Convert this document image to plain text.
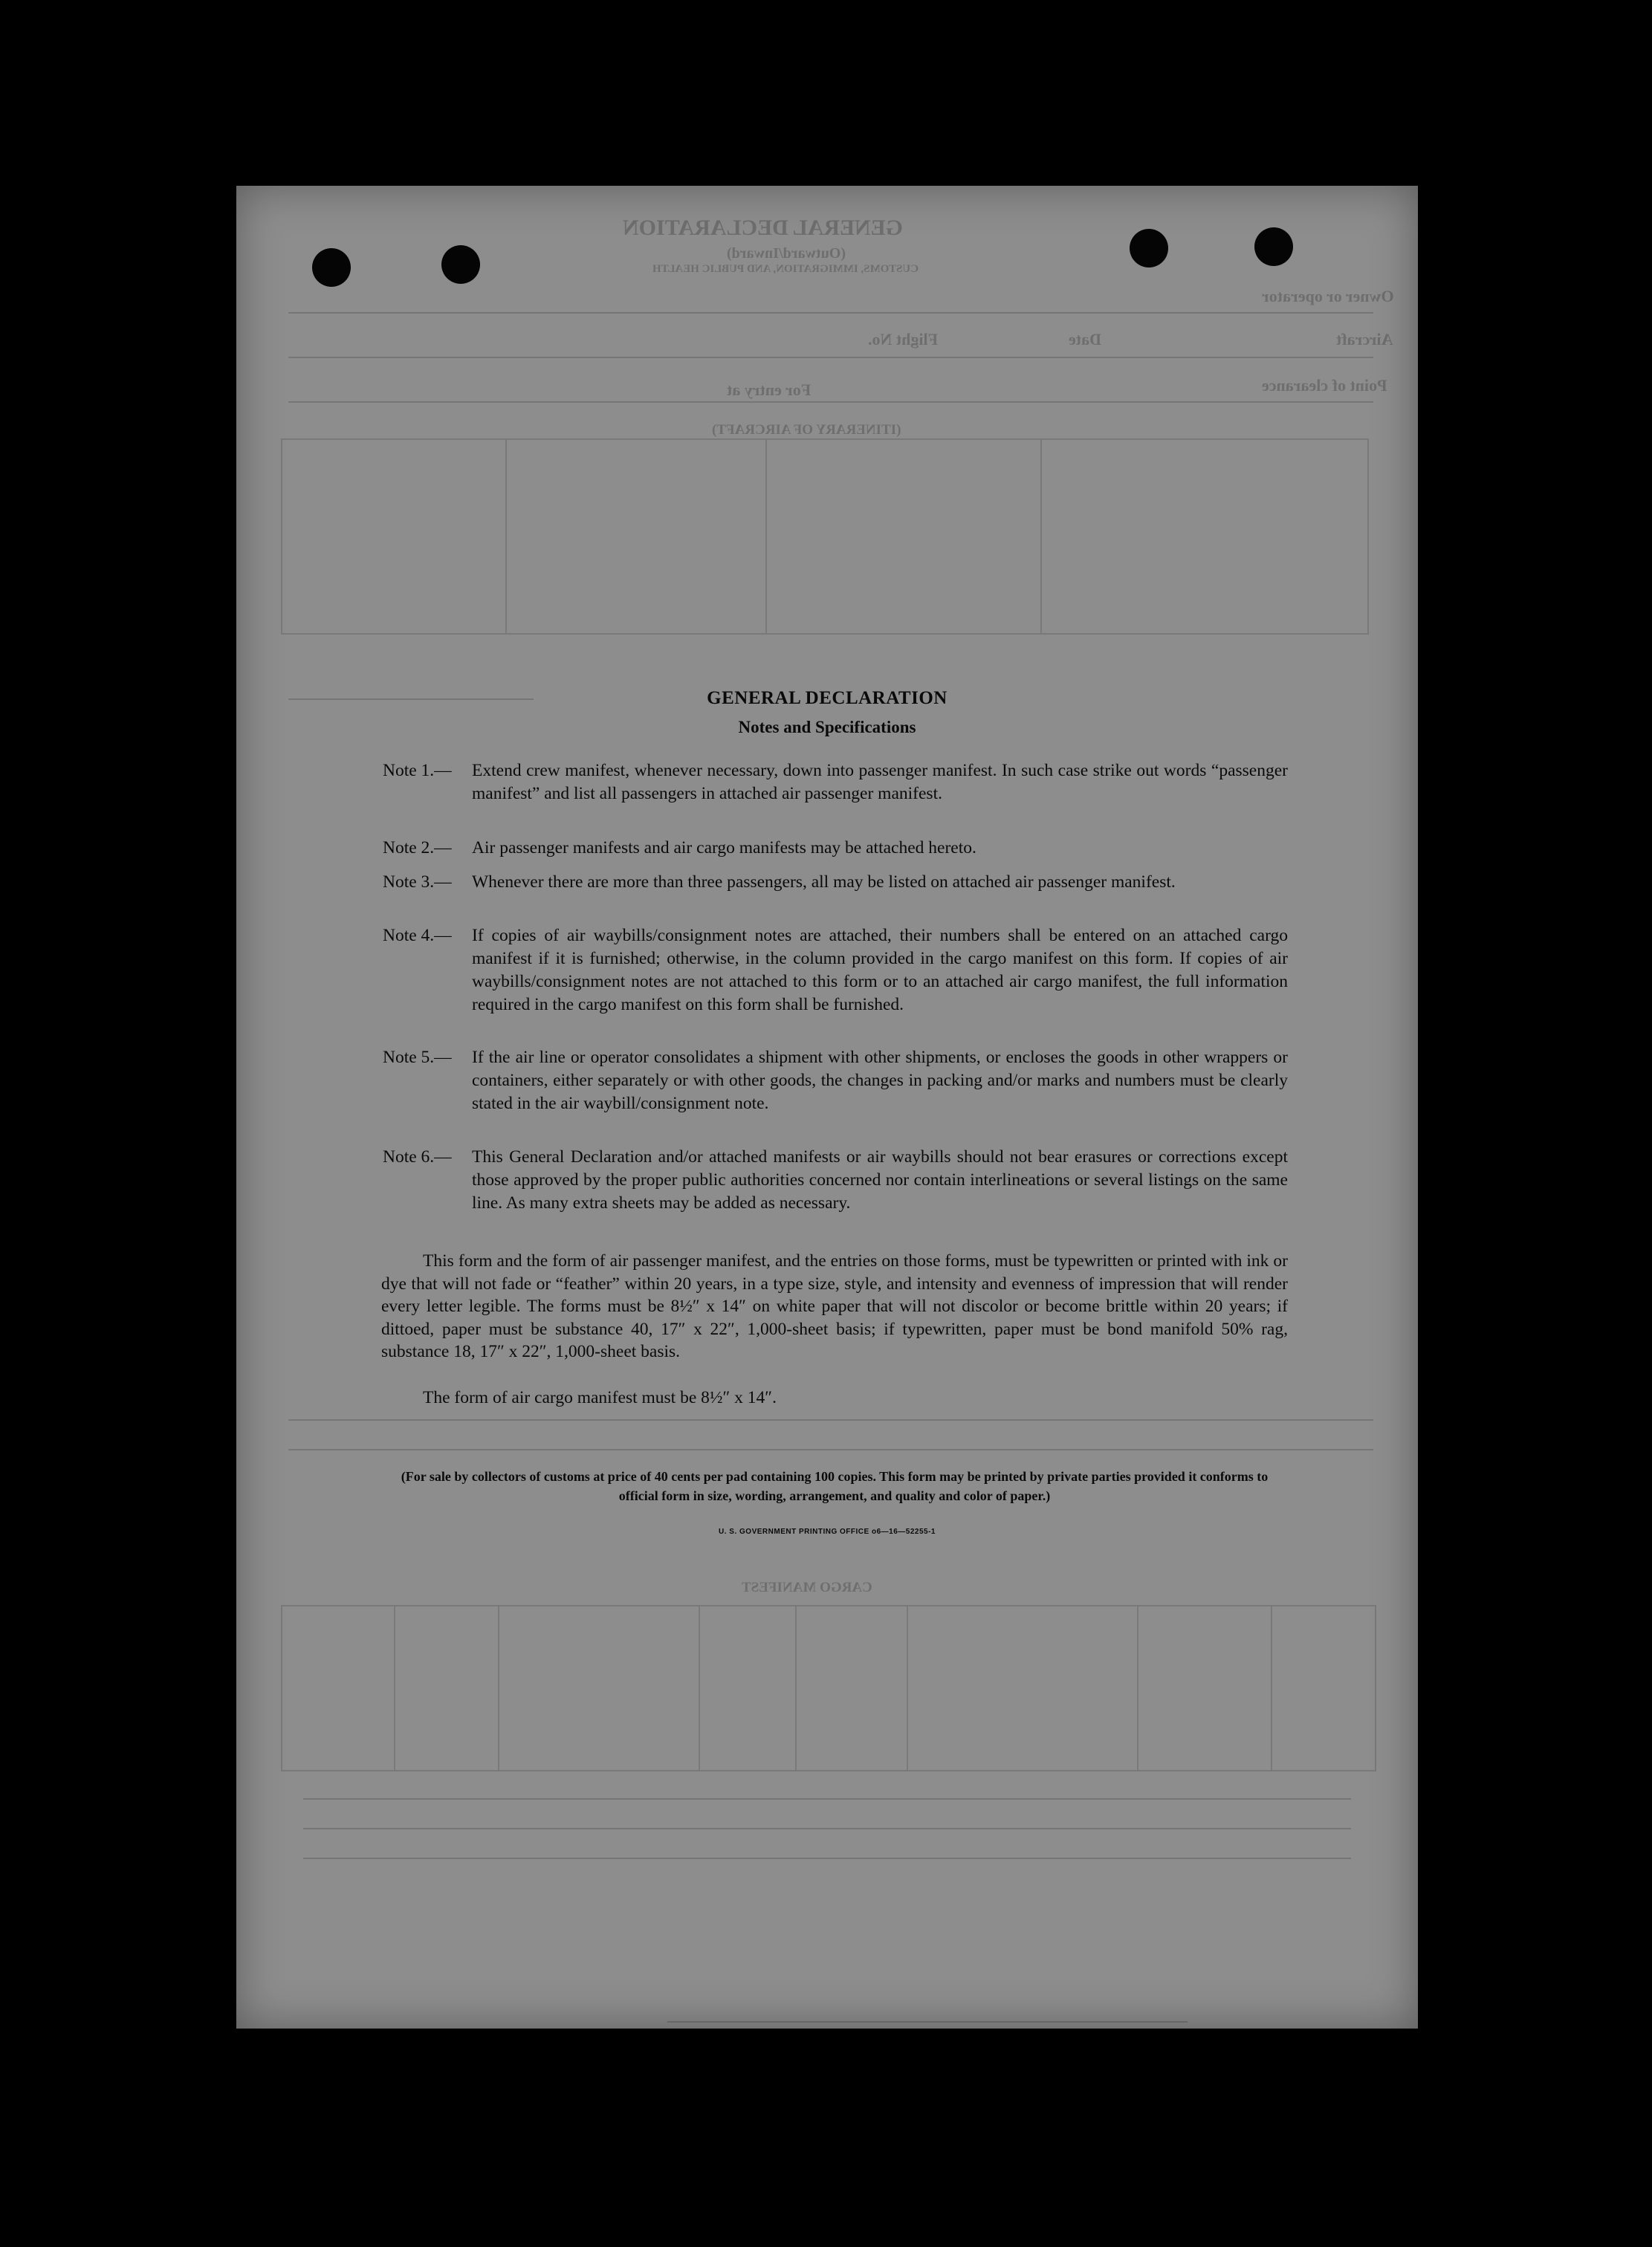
GENERAL DECLARATION
(Outward/Inward)
CUSTOMS, IMMIGRATION, AND PUBLIC HEALTH
Owner or operator
Aircraft
Flight No.	Date
Point of clearance
For entry at
(ITINERARY OF AIRCRAFT)
CARGO MANIFEST
GENERAL DECLARATION
Notes and Specifications
Note 1.— Extend crew manifest, whenever necessary, down into passenger manifest. In such case strike out words “passenger manifest” and list all passengers in attached air passenger manifest.
Note 2.— Air passenger manifests and air cargo manifests may be attached hereto.
Note 3.— Whenever there are more than three passengers, all may be listed on attached air passenger manifest.
Note 4.— If copies of air waybills/consignment notes are attached, their numbers shall be entered on an attached cargo manifest if it is furnished; otherwise, in the column provided in the cargo manifest on this form. If copies of air waybills/consignment notes are not attached to this form or to an attached air cargo manifest, the full information required in the cargo manifest on this form shall be furnished.
Note 5.— If the air line or operator consolidates a shipment with other shipments, or encloses the goods in other wrappers or containers, either separately or with other goods, the changes in packing and/or marks and numbers must be clearly stated in the air waybill/consignment note.
Note 6.— This General Declaration and/or attached manifests or air waybills should not bear erasures or corrections except those approved by the proper public authorities concerned nor contain interlineations or several listings on the same line. As many extra sheets may be added as necessary.
This form and the form of air passenger manifest, and the entries on those forms, must be typewritten or printed with ink or dye that will not fade or “feather” within 20 years, in a type size, style, and intensity and evenness of impression that will render every letter legible. The forms must be 8½″ x 14″ on white paper that will not discolor or become brittle within 20 years; if dittoed, paper must be substance 40, 17″ x 22″, 1,000-sheet basis; if typewritten, paper must be bond manifold 50% rag, substance 18, 17″ x 22″, 1,000-sheet basis.
The form of air cargo manifest must be 8½″ x 14″.
(For sale by collectors of customs at price of 40 cents per pad containing 100 copies. This form may be printed by private parties provided it conforms to official form in size, wording, arrangement, and quality and color of paper.)
U. S. GOVERNMENT PRINTING OFFICE o6—16—52255-1
